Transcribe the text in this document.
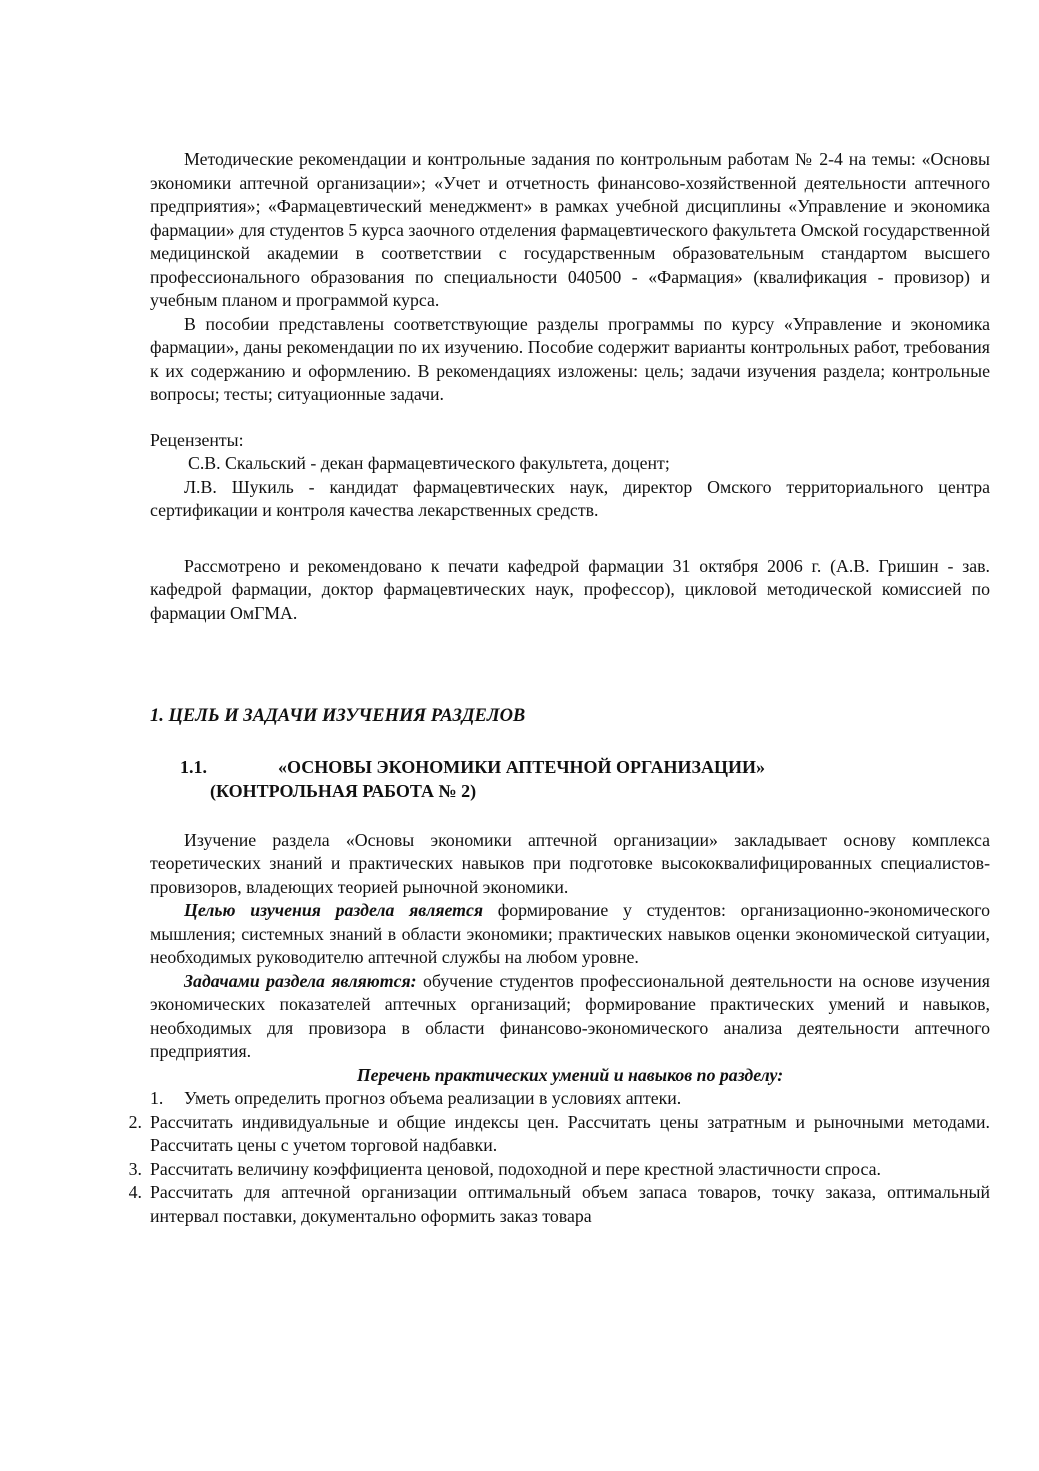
Методические рекомендации и контрольные задания по контрольным работам № 2-4 на темы: «Основы экономики аптечной организации»; «Учет и отчетность финансово-хозяйственной деятельности аптечного предприятия»; «Фармацевтический менеджмент» в рамках учебной дисциплины «Управление и экономика фармации» для студентов 5 курса заочного отделения фармацевтического факультета Омской государственной медицинской академии в соответствии с государственным образовательным стандартом высшего профессионального образования по специальности 040500 - «Фармация» (квалификация - провизор) и учебным планом и программой курса.

В пособии представлены соответствующие разделы программы по курсу «Управление и экономика фармации», даны рекомендации по их изучению. Пособие содержит варианты контрольных работ, требования к их содержанию и оформлению. В рекомендациях изложены: цель; задачи изучения раздела; контрольные вопросы; тесты; ситуационные задачи.

Рецензенты:

С.В. Скальский - декан фармацевтического факультета, доцент;

Л.В. Шукиль - кандидат фармацевтических наук, директор Омского территориального центра сертификации и контроля качества лекарственных средств.

Рассмотрено и рекомендовано к печати кафедрой фармации 31 октября 2006 г. (А.В. Гришин - зав. кафедрой фармации, доктор фармацевтических наук, профессор), цикловой методической комиссией по фармации ОмГМА.

1. ЦЕЛЬ И ЗАДАЧИ ИЗУЧЕНИЯ РАЗДЕЛОВ

1.1.	«ОСНОВЫ ЭКОНОМИКИ АПТЕЧНОЙ ОРГАНИЗАЦИИ»
(КОНТРОЛЬНАЯ РАБОТА № 2)

Изучение раздела «Основы экономики аптечной организации» закладывает основу комплекса теоретических знаний и практических навыков при подготовке высококвалифицированных специалистов-провизоров, владеющих теорией рыночной экономики.

Целью изучения раздела является формирование у студентов: организационно-экономического мышления; системных знаний в области экономики; практических навыков оценки экономической ситуации, необходимых руководителю аптечной службы на любом уровне.

Задачами раздела являются: обучение студентов профессиональной деятельности на основе изучения экономических показателей аптечных организаций; формирование практических умений и навыков, необходимых для провизора в области финансово-экономического анализа деятельности аптечного предприятия.

Перечень практических умений и навыков по разделу:

1.	Уметь определить прогноз объема реализации в условиях аптеки.
2. Рассчитать индивидуальные и общие индексы цен. Рассчитать цены затратным и рыночными методами. Рассчитать цены с учетом торговой надбавки.
3. Рассчитать величину коэффициента ценовой, подоходной и пере крестной эластичности спроса.
4. Рассчитать для аптечной организации оптимальный объем запаса товаров, точку заказа, оптимальный интервал поставки, документально оформить заказ товара
